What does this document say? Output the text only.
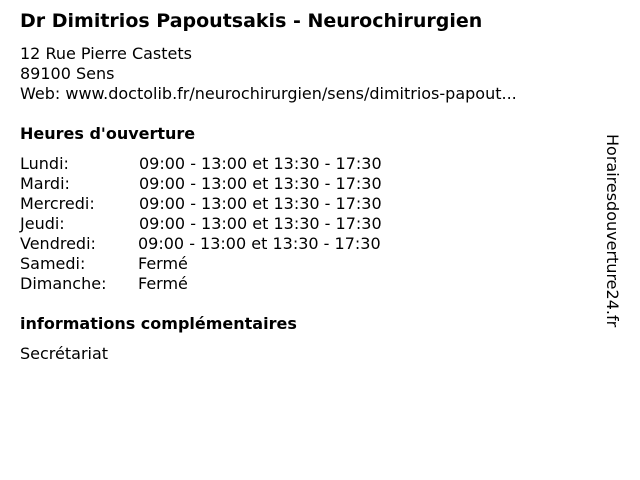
Dr Dimitrios Papoutsakis - Neurochirurgien
12 Rue Pierre Castets
89100 Sens
Web: www.doctolib.fr/neurochirurgien/sens/dimitrios-papout...
Heures d'ouverture
Lundi:	09:00 - 13:00 et 13:30 - 17:30
Mardi:	09:00 - 13:00 et 13:30 - 17:30
Mercredi:	09:00 - 13:00 et 13:30 - 17:30
Jeudi:	09:00 - 13:00 et 13:30 - 17:30
Vendredi:	09:00 - 13:00 et 13:30 - 17:30
Samedi:	Fermé
Dimanche: Fermé
informations complémentaires
Secrétariat
Horairesdouverture24.fr
